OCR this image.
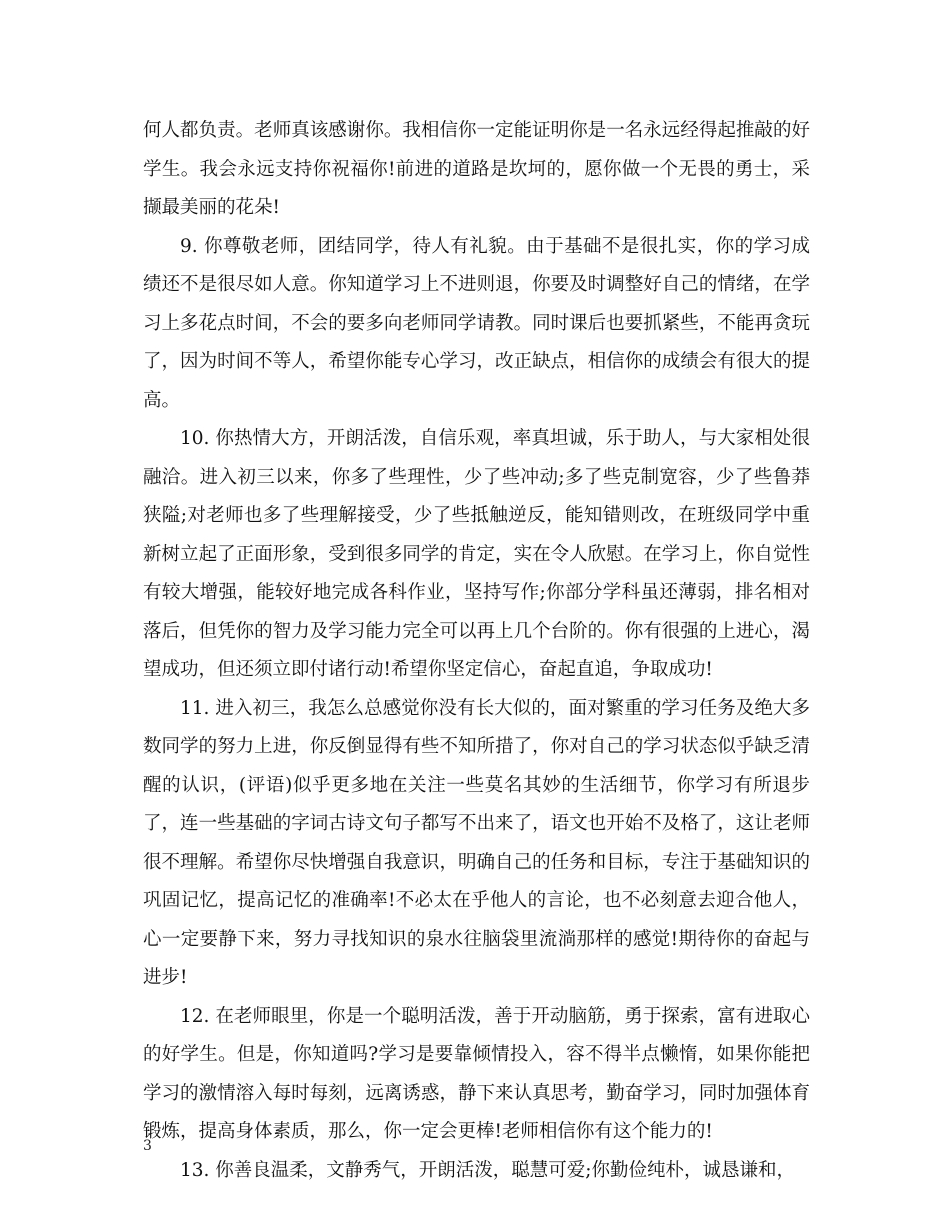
何人都负责。老师真该感谢你。我相信你一定能证明你是一名永远经得起推敲的好学生。我会永远支持你祝福你!前进的道路是坎坷的，愿你做一个无畏的勇士，采撷最美丽的花朵!

9. 你尊敬老师，团结同学，待人有礼貌。由于基础不是很扎实，你的学习成绩还不是很尽如人意。你知道学习上不进则退，你要及时调整好自己的情绪，在学习上多花点时间，不会的要多向老师同学请教。同时课后也要抓紧些，不能再贪玩了，因为时间不等人，希望你能专心学习，改正缺点，相信你的成绩会有很大的提高。

10. 你热情大方，开朗活泼，自信乐观，率真坦诚，乐于助人，与大家相处很融洽。进入初三以来，你多了些理性，少了些冲动;多了些克制宽容，少了些鲁莽狭隘;对老师也多了些理解接受，少了些抵触逆反，能知错则改，在班级同学中重新树立起了正面形象，受到很多同学的肯定，实在令人欣慰。在学习上，你自觉性有较大增强，能较好地完成各科作业，坚持写作;你部分学科虽还薄弱，排名相对落后，但凭你的智力及学习能力完全可以再上几个台阶的。你有很强的上进心，渴望成功，但还须立即付诸行动!希望你坚定信心，奋起直追，争取成功!

11. 进入初三，我怎么总感觉你没有长大似的，面对繁重的学习任务及绝大多数同学的努力上进，你反倒显得有些不知所措了，你对自己的学习状态似乎缺乏清醒的认识，(评语)似乎更多地在关注一些莫名其妙的生活细节，你学习有所退步了，连一些基础的字词古诗文句子都写不出来了，语文也开始不及格了，这让老师很不理解。希望你尽快增强自我意识，明确自己的任务和目标，专注于基础知识的巩固记忆，提高记忆的准确率!不必太在乎他人的言论，也不必刻意去迎合他人，心一定要静下来，努力寻找知识的泉水往脑袋里流淌那样的感觉!期待你的奋起与进步!

12. 在老师眼里，你是一个聪明活泼，善于开动脑筋，勇于探索，富有进取心的好学生。但是，你知道吗?学习是要靠倾情投入，容不得半点懒惰，如果你能把学习的激情溶入每时每刻，远离诱惑，静下来认真思考，勤奋学习，同时加强体育锻炼，提高身体素质，那么，你一定会更棒!老师相信你有这个能力的!

13. 你善良温柔，文静秀气，开朗活泼，聪慧可爱;你勤俭纯朴，诚恳谦和，

3
